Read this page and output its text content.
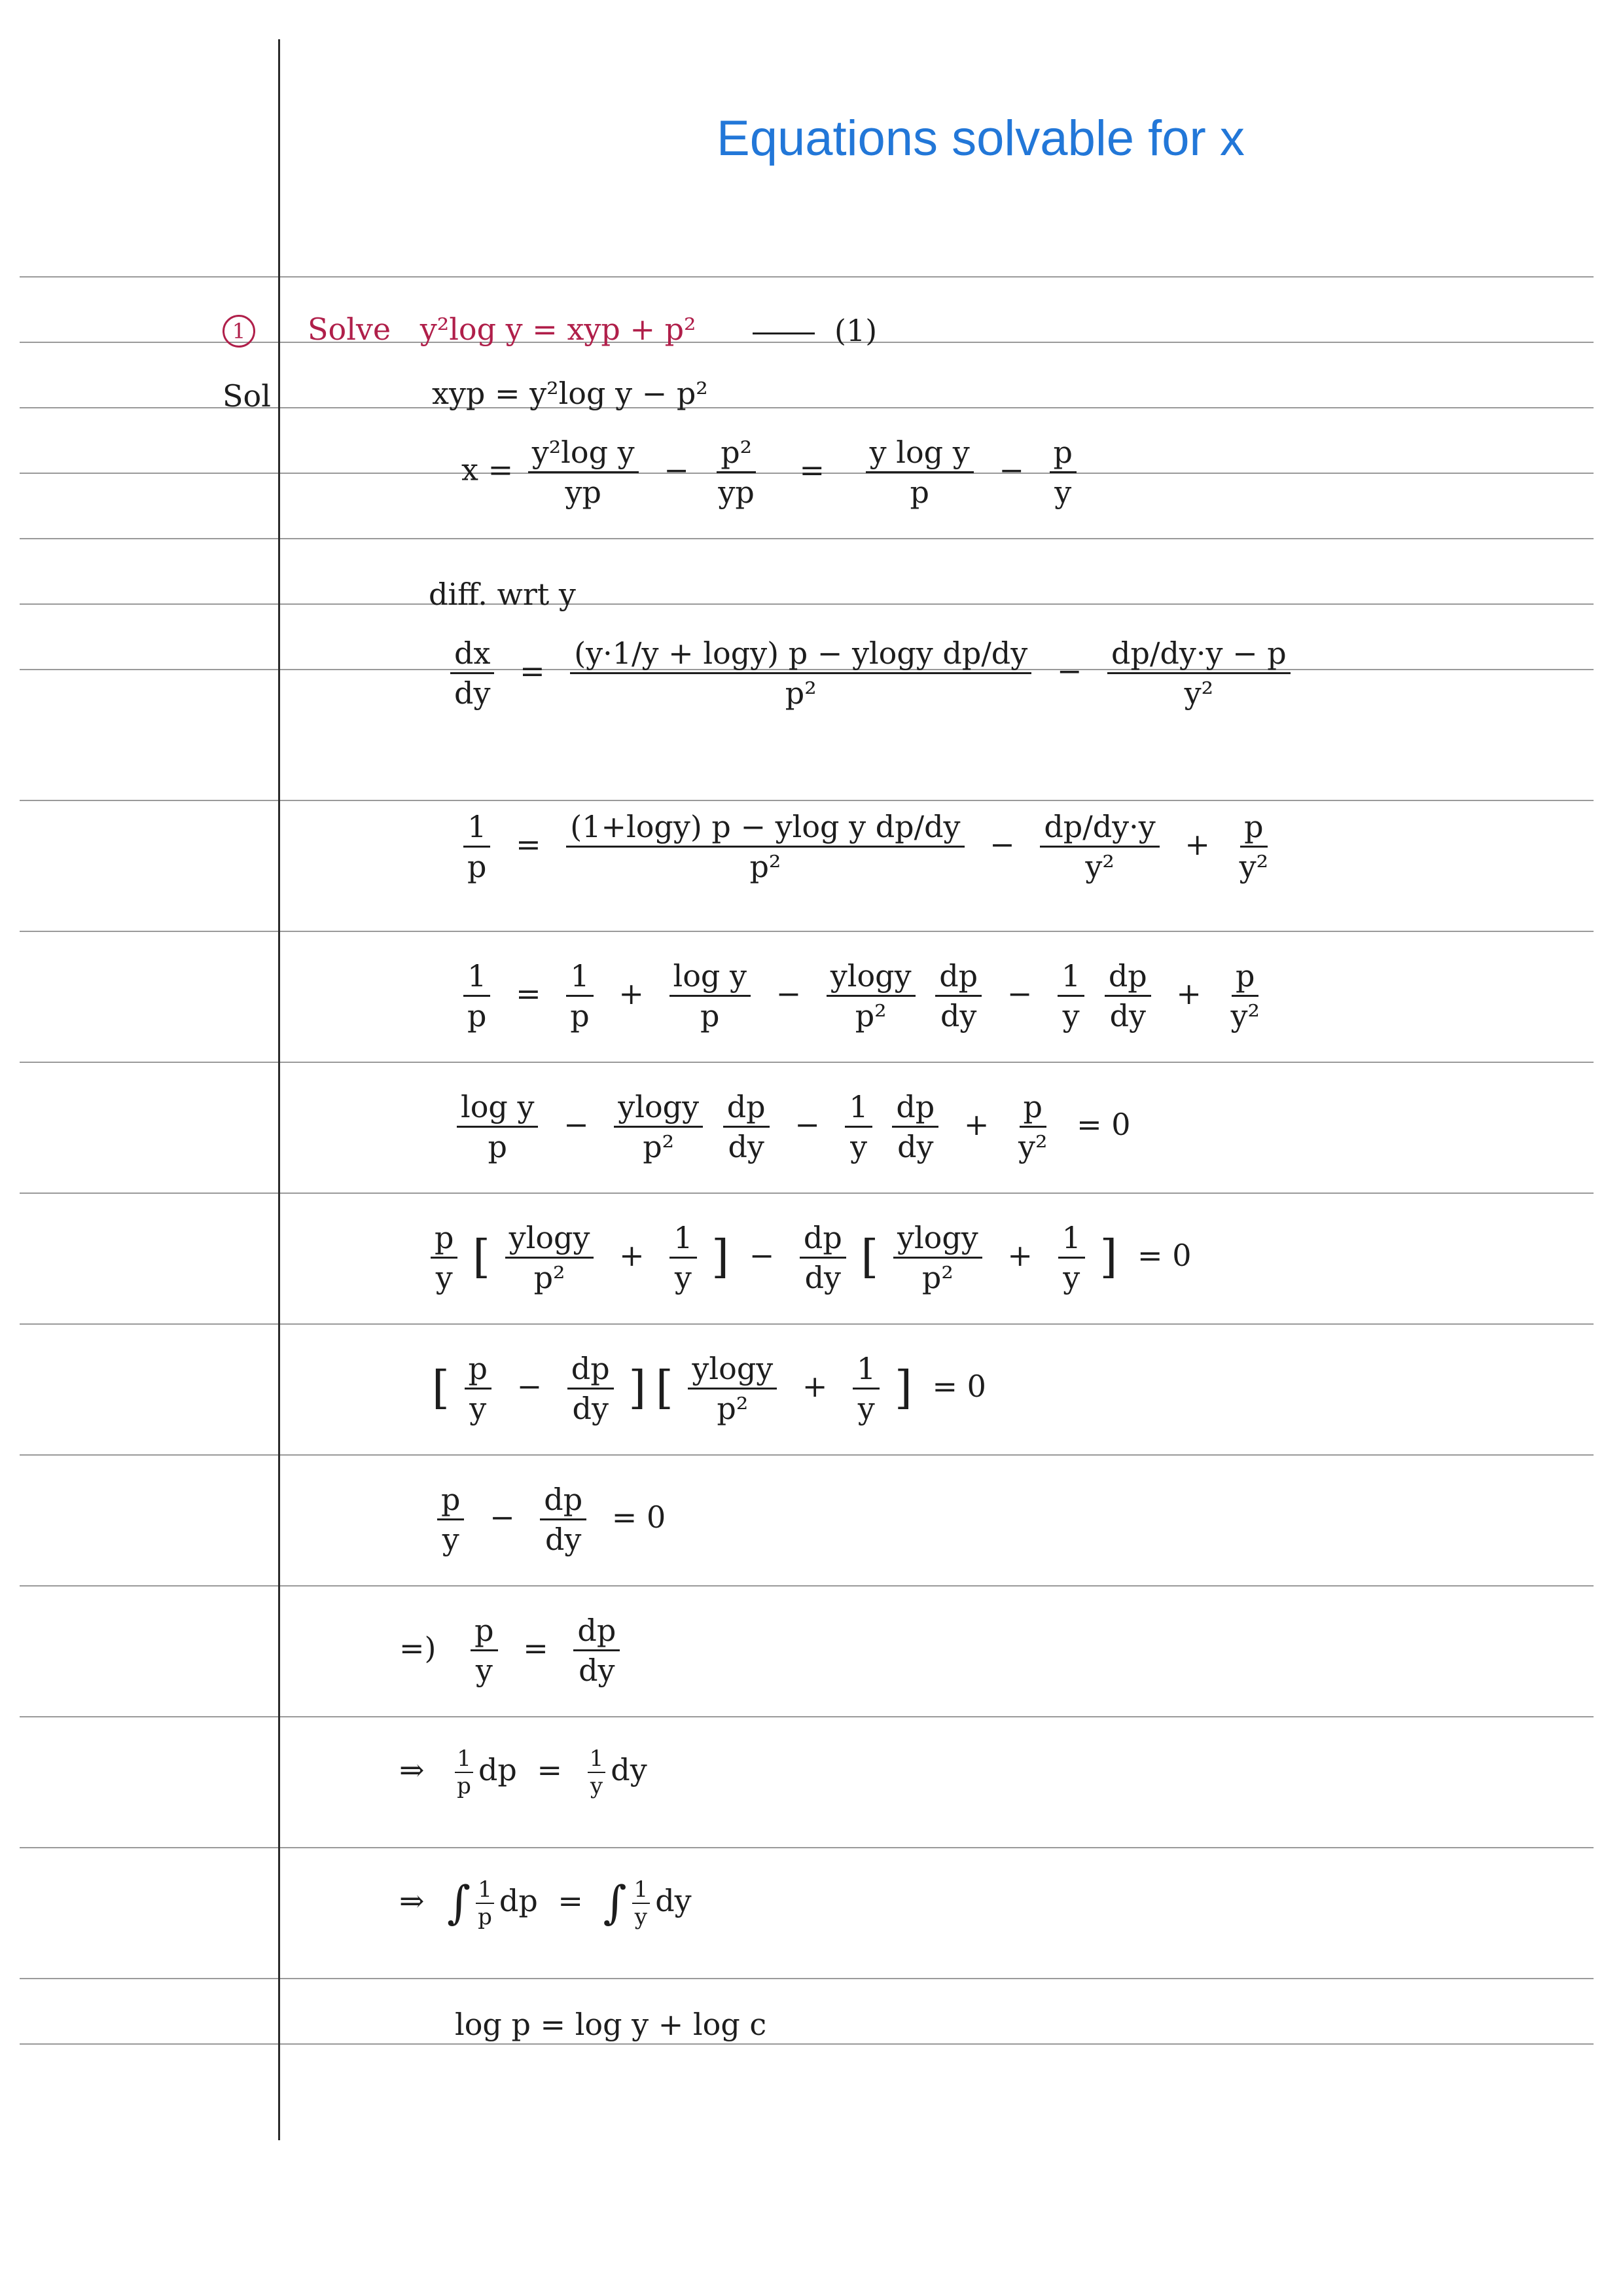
Equations solvable for x
1	Solve y²log y = xyp + p²	(1)
Sol	xyp = y²log y − p²
$x = \frac{\text{y²log y}}{yp} - \frac{\text{p²}}{yp} = \frac{\text{y log y}}{p} - \frac{p}{y}$
diff. wrt y
$\frac{dx}{dy} = \frac{\text{(y·1/y + logy) p − ylogy dp/dy}}{\text{p²}} - \frac{dp/dy\cdot y - p}{\text{y²}}$
$\frac{1}{p} = \frac{\text{(1+logy) p − ylog y dp/dy}}{\text{p²}} - \frac{dp/dy\cdot y}{\text{y²}} + \frac{p}{\text{y²}}$
$\frac{1}{p} = \frac{1}{p} + \frac{\text{log y}}{p} - \frac{ylogy}{\text{p²}}$
$\frac{dp}{dy} - \frac{1}{y}$
$\frac{dp}{dy} + \frac{p}{\text{y²}}$
$\frac{\text{log y}}{p} - \frac{ylogy}{\text{p²}}$
$\frac{dp}{dy} - \frac{1}{y}$
$\frac{dp}{dy} + \frac{p}{\text{y²}} = 0$
$\frac{p}{y}$ [ $\frac{ylogy}{\text{p²}} + \frac{1}{y}$ ] − $\frac{dp}{dy}$ [ $\frac{ylogy}{\text{p²}} + \frac{1}{y}$ ] = 0
[ $\frac{p}{y} - \frac{dp}{dy}$ ] [ $\frac{ylogy}{\text{p²}} + \frac{1}{y}$ ] = 0
$\frac{p}{y} - \frac{dp}{dy} = 0$
=) $\frac{p}{y} = \frac{dp}{dy}$
⇒ $\frac{1}{p}$ dp = $\frac{1}{y}$ dy
⇒ ∫ $\frac{1}{p}$ dp = ∫ $\frac{1}{y}$ dy
log p = log y + log c
